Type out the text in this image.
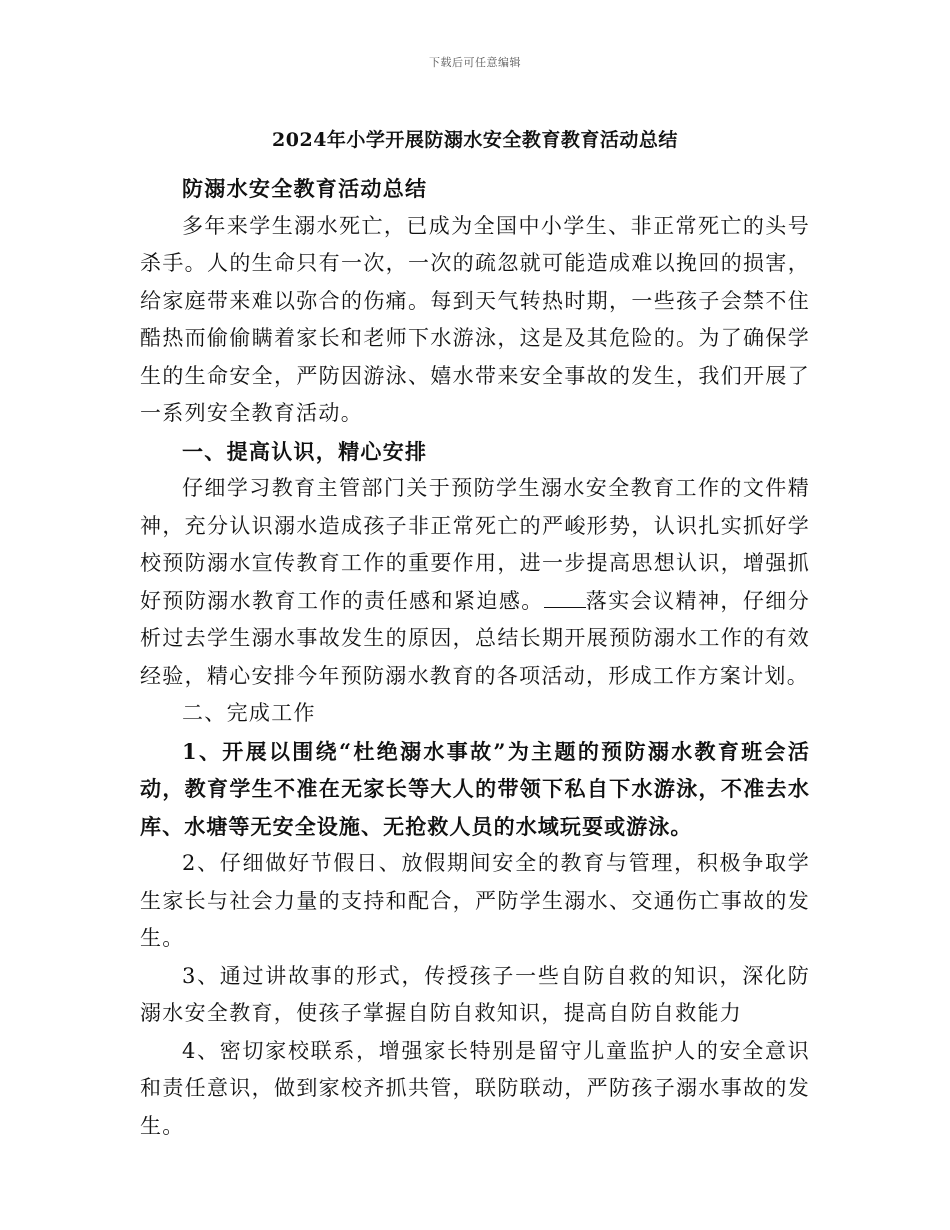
下载后可任意编辑
2024年小学开展防溺水安全教育教育活动总结

防溺水安全教育活动总结

多年来学生溺水死亡，已成为全国中小学生、非正常死亡的头号杀手。人的生命只有一次，一次的疏忽就可能造成难以挽回的损害，给家庭带来难以弥合的伤痛。每到天气转热时期，一些孩子会禁不住酷热而偷偷瞒着家长和老师下水游泳，这是及其危险的。为了确保学生的生命安全，严防因游泳、嬉水带来安全事故的发生，我们开展了一系列安全教育活动。

一、提高认识，精心安排

仔细学习教育主管部门关于预防学生溺水安全教育工作的文件精神，充分认识溺水造成孩子非正常死亡的严峻形势，认识扎实抓好学校预防溺水宣传教育工作的重要作用，进一步提高思想认识，增强抓好预防溺水教育工作的责任感和紧迫感。 落实会议精神，仔细分析过去学生溺水事故发生的原因，总结长期开展预防溺水工作的有效经验，精心安排今年预防溺水教育的各项活动，形成工作方案计划。

二、完成工作

1、开展以围绕“杜绝溺水事故”为主题的预防溺水教育班会活动，教育学生不准在无家长等大人的带领下私自下水游泳，不准去水库、水塘等无安全设施、无抢救人员的水域玩耍或游泳。

2、仔细做好节假日、放假期间安全的教育与管理，积极争取学生家长与社会力量的支持和配合，严防学生溺水、交通伤亡事故的发生。

3、通过讲故事的形式，传授孩子一些自防自救的知识，深化防溺水安全教育，使孩子掌握自防自救知识，提高自防自救能力

4、密切家校联系，增强家长特别是留守儿童监护人的安全意识和责任意识，做到家校齐抓共管，联防联动，严防孩子溺水事故的发生。
